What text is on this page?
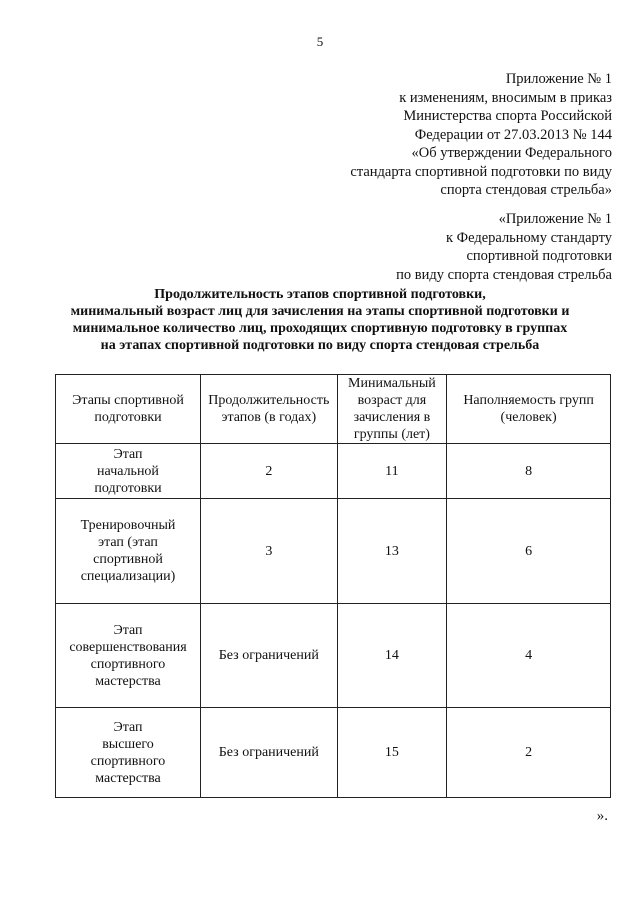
5
Приложение № 1
к изменениям, вносимым в приказ
Министерства спорта Российской
Федерации от 27.03.2013 № 144
«Об утверждении Федерального
стандарта спортивной подготовки по виду
спорта стендовая стрельба»
«Приложение № 1
к Федеральному стандарту
спортивной подготовки
по виду спорта стендовая стрельба
Продолжительность этапов спортивной подготовки,
минимальный возраст лиц для зачисления на этапы спортивной подготовки и
минимальное количество лиц, проходящих спортивную подготовку в группах
на этапах спортивной подготовки по виду спорта стендовая стрельба
Этапы спортивной
подготовки	Продолжительность
этапов (в годах)	Минимальный
возраст для
зачисления в
группы (лет)	Наполняемость групп
(человек)

Этап
начальной
подготовки	2	11	8

Тренировочный
этап (этап
спортивной
специализации)	3	13	6

Этап
совершенствования
спортивного
мастерства	Без ограничений	14	4

Этап
высшего
спортивного
мастерства	Без ограничений	15	2
».
